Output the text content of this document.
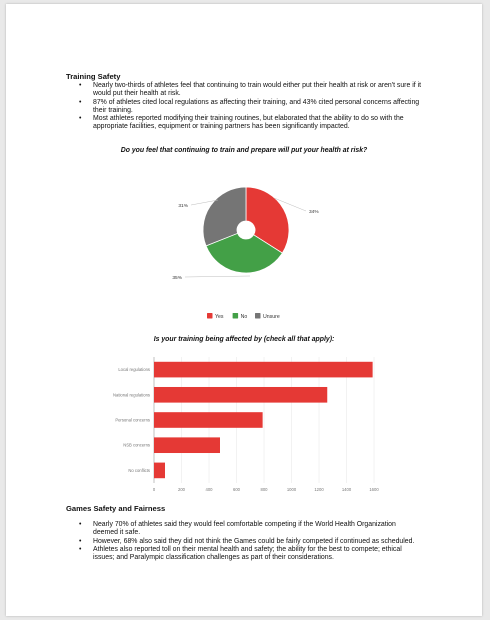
Training Safety
• Nearly two-thirds of athletes feel that continuing to train would either put their health at risk or aren't sure if it would put their health at risk.
• 87% of athletes cited local regulations as affecting their training, and 43% cited personal concerns affecting their training.
• Most athletes reported modifying their training routines, but elaborated that the ability to do so with the appropriate facilities, equipment or training partners has been significantly impacted.
Do you feel that continuing to train and prepare will put your health at risk?
34%
35%
31%
Yes	No	Unsure
Is your training being affected by (check all that apply):
0	200	400	600	800	1000	1200	1400	1600
Local regulations
National regulations
Personal concerns
NSB concerns
No conflicts
Games Safety and Fairness
• Nearly 70% of athletes said they would feel comfortable competing if the World Health Organization deemed it safe.
• However, 68% also said they did not think the Games could be fairly competed if continued as scheduled.
• Athletes also reported toll on their mental health and safety; the ability for the best to compete; ethical issues; and Paralympic classification challenges as part of their considerations.
